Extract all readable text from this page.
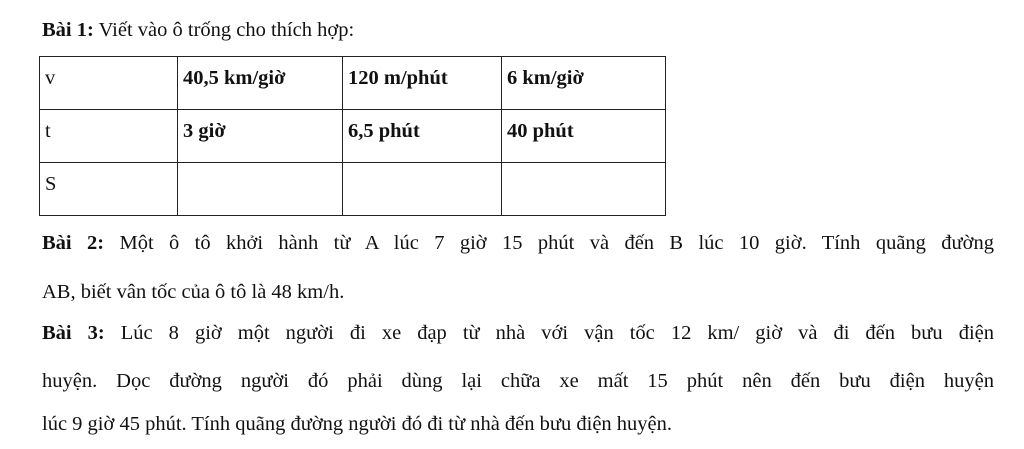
Bài 1: Viết vào ô trống cho thích hợp:

v	40,5 km/giờ	120 m/phút	6 km/giờ
t	3 giờ	6,5 phút	40 phút
S			

Bài 2: Một ô tô khởi hành từ A lúc 7 giờ 15 phút và đến B lúc 10 giờ. Tính quãng đường

AB, biết vân tốc của ô tô là 48 km/h.

Bài 3: Lúc 8 giờ một người đi xe đạp từ nhà với vận tốc 12 km/ giờ và đi đến bưu điện

huyện. Dọc đường người đó phải dùng lại chữa xe mất 15 phút nên đến bưu điện huyện

lúc 9 giờ 45 phút. Tính quãng đường người đó đi từ nhà đến bưu điện huyện.
